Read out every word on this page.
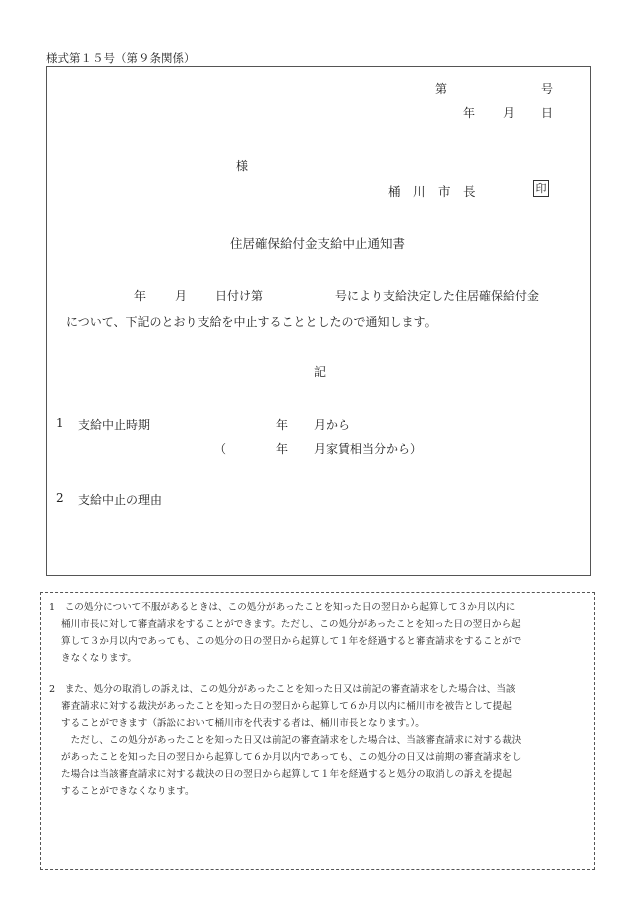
様式第１５号（第９条関係）
第	号
年 月 日
様
桶　川　市　長	印
住居確保給付金支給中止通知書
年 月 日付け第	号により支給決定した住居確保給付金
について、下記のとおり支給を中止することとしたので通知します。
記
1 支給中止時期	年 月から
（	年 月家賃相当分から）
2 支給中止の理由
1　この処分について不服があるときは、この処分があったことを知った日の翌日から起算して３か月以内に
桶川市長に対して審査請求をすることができます。ただし、この処分があったことを知った日の翌日から起
算して３か月以内であっても、この処分の日の翌日から起算して１年を経過すると審査請求をすることがで
きなくなります。
2　また、処分の取消しの訴えは、この処分があったことを知った日又は前記の審査請求をした場合は、当該
審査請求に対する裁決があったことを知った日の翌日から起算して６か月以内に桶川市を被告として提起
することができます（訴訟において桶川市を代表する者は、桶川市長となります。）。
　ただし、この処分があったことを知った日又は前記の審査請求をした場合は、当該審査請求に対する裁決
があったことを知った日の翌日から起算して６か月以内であっても、この処分の日又は前期の審査請求をし
た場合は当該審査請求に対する裁決の日の翌日から起算して１年を経過すると処分の取消しの訴えを提起
することができなくなります。
